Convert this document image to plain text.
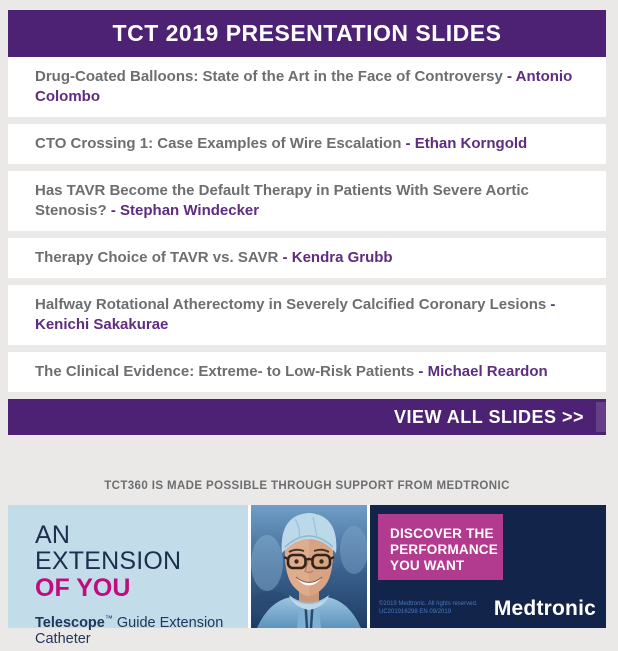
TCT 2019 PRESENTATION SLIDES
Drug-Coated Balloons: State of the Art in the Face of Controversy - Antonio Colombo
CTO Crossing 1: Case Examples of Wire Escalation - Ethan Korngold
Has TAVR Become the Default Therapy in Patients With Severe Aortic Stenosis? - Stephan Windecker
Therapy Choice of TAVR vs. SAVR - Kendra Grubb
Halfway Rotational Atherectomy in Severely Calcified Coronary Lesions - Kenichi Sakakurae
The Clinical Evidence: Extreme- to Low-Risk Patients - Michael Reardon
VIEW ALL SLIDES >>
TCT360 IS MADE POSSIBLE THROUGH SUPPORT FROM MEDTRONIC
AN
EXTENSION
OF YOU
Telescope™ Guide Extension Catheter
DISCOVER THE
PERFORMANCE
YOU WANT
©2019 Medtronic. All rights reserved.
UC201916298 EN 09/2019	Medtronic
